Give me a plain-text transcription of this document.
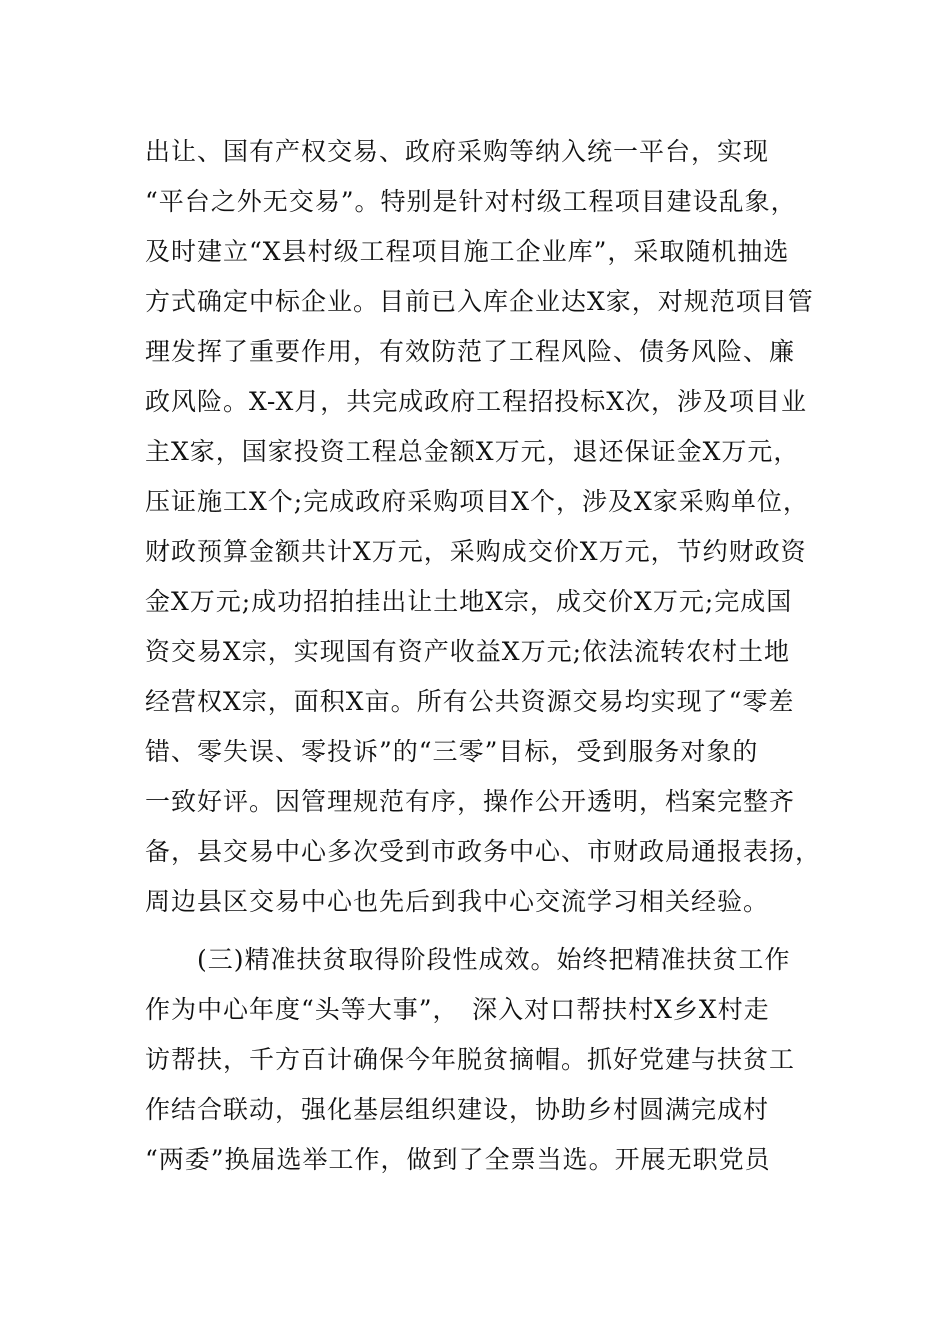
出让、国有产权交易、政府采购等纳入统一平台，实现
“平台之外无交易”。特别是针对村级工程项目建设乱象，
及时建立“X县村级工程项目施工企业库”，采取随机抽选
方式确定中标企业。目前已入库企业达X家，对规范项目管
理发挥了重要作用，有效防范了工程风险、债务风险、廉
政风险。X-X月，共完成政府工程招投标X次，涉及项目业
主X家，国家投资工程总金额X万元，退还保证金X万元，
压证施工X个;完成政府采购项目X个，涉及X家采购单位，
财政预算金额共计X万元，采购成交价X万元，节约财政资
金X万元;成功招拍挂出让土地X宗，成交价X万元;完成国
资交易X宗，实现国有资产收益X万元;依法流转农村土地
经营权X宗，面积X亩。所有公共资源交易均实现了“零差
错、零失误、零投诉”的“三零”目标，受到服务对象的
一致好评。因管理规范有序，操作公开透明，档案完整齐
备，县交易中心多次受到市政务中心、市财政局通报表扬，
周边县区交易中心也先后到我中心交流学习相关经验。
　　(三)精准扶贫取得阶段性成效。始终把精准扶贫工作
作为中心年度“头等大事”，　深入对口帮扶村X乡X村走
访帮扶，千方百计确保今年脱贫摘帽。抓好党建与扶贫工
作结合联动，强化基层组织建设，协助乡村圆满完成村
“两委”换届选举工作，做到了全票当选。开展无职党员
